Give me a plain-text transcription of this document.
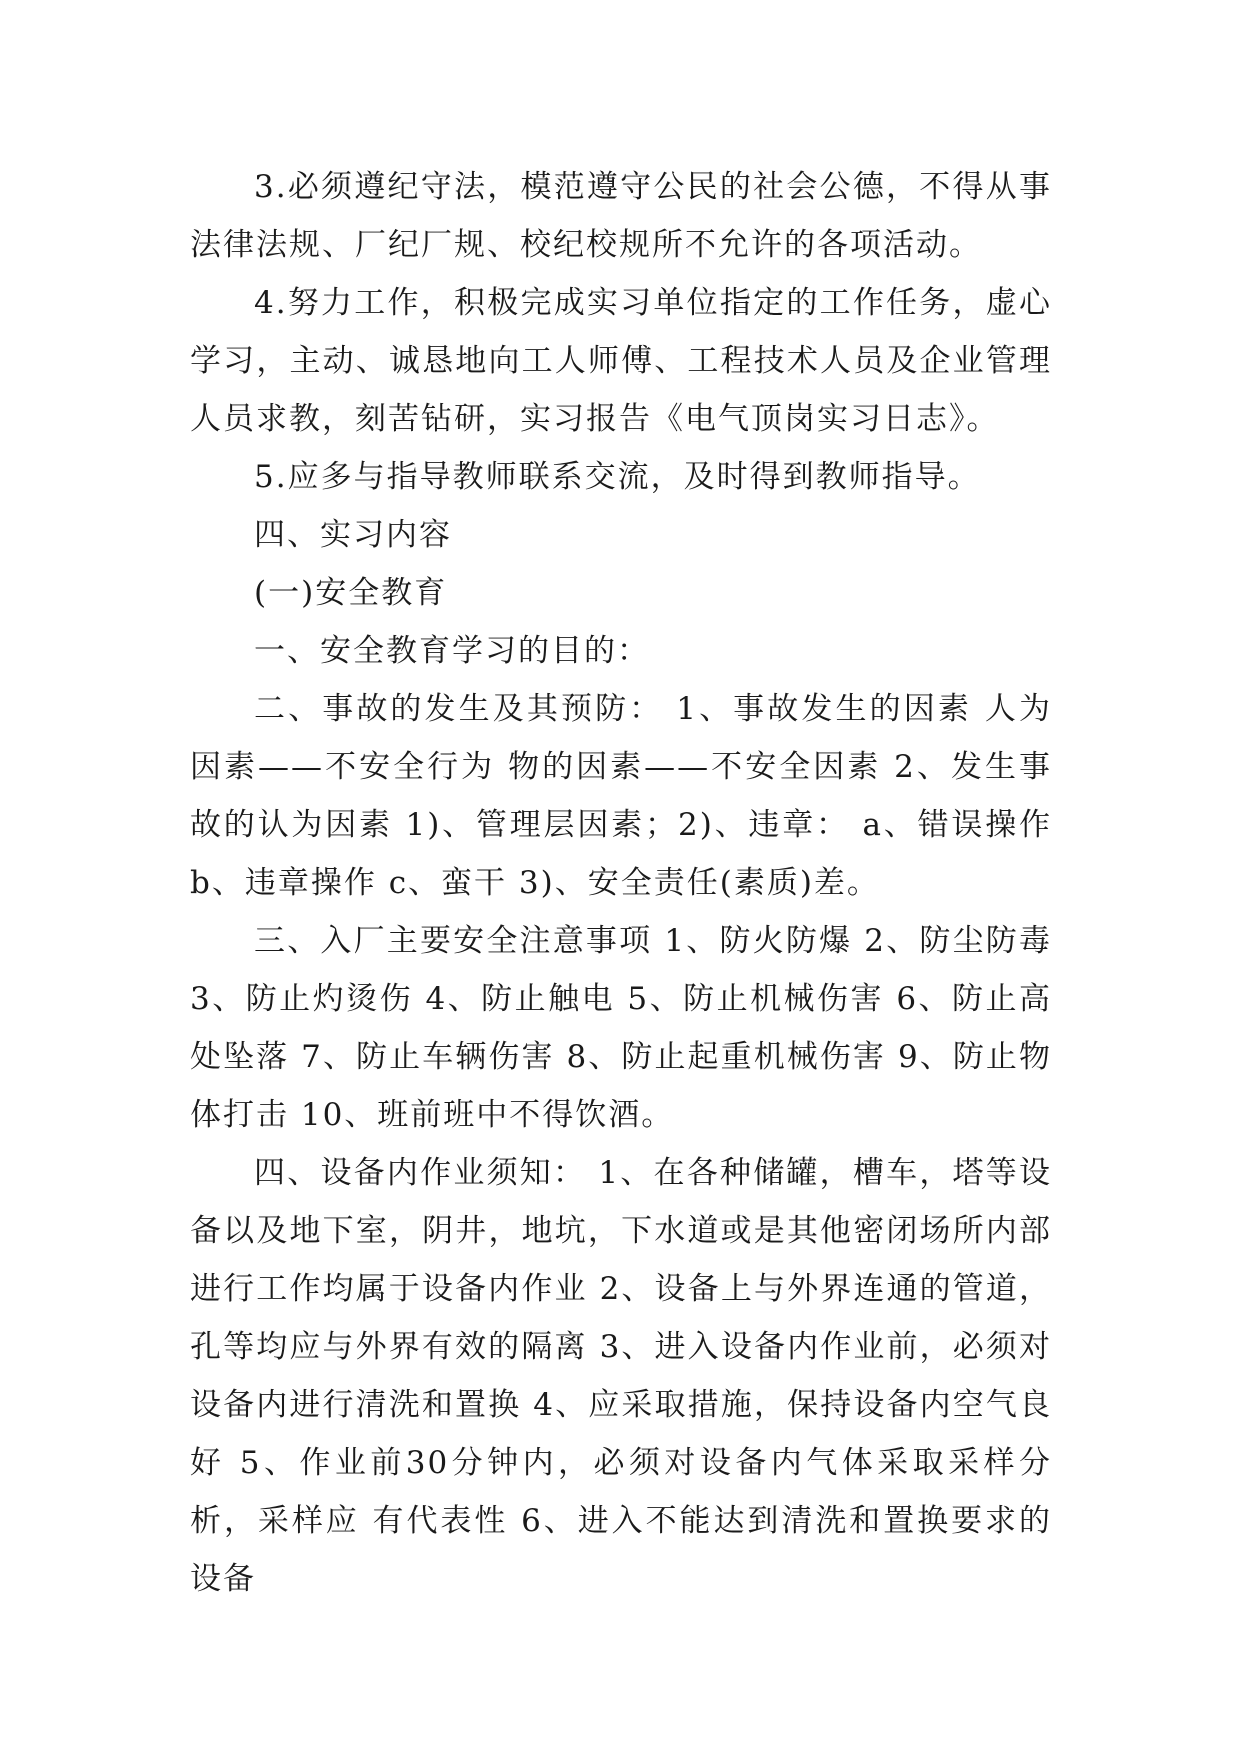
3.必须遵纪守法，模范遵守公民的社会公德，不得从事法律法规、厂纪厂规、校纪校规所不允许的各项活动。

4.努力工作，积极完成实习单位指定的工作任务，虚心学习，主动、诚恳地向工人师傅、工程技术人员及企业管理人员求教，刻苦钻研，实习报告《电气顶岗实习日志》。

5.应多与指导教师联系交流，及时得到教师指导。

四、实习内容

(一)安全教育

一、安全教育学习的目的：

二、事故的发生及其预防： 1、事故发生的因素 人为因素——不安全行为 物的因素——不安全因素 2、发生事故的认为因素 1)、管理层因素；2)、违章： a、错误操作 b、违章操作 c、蛮干 3)、安全责任(素质)差。

三、入厂主要安全注意事项 1、防火防爆 2、防尘防毒 3、防止灼烫伤 4、防止触电 5、防止机械伤害 6、防止高处坠落 7、防止车辆伤害 8、防止起重机械伤害 9、防止物体打击 10、班前班中不得饮酒。

四、设备内作业须知： 1、在各种储罐，槽车，塔等设备以及地下室，阴井，地坑，下水道或是其他密闭场所内部进行工作均属于设备内作业 2、设备上与外界连通的管道，孔等均应与外界有效的隔离 3、进入设备内作业前，必须对设备内进行清洗和置换 4、应采取措施，保持设备内空气良好 5、作业前30分钟内，必须对设备内气体采取采样分析，采样应 有代表性 6、进入不能达到清洗和置换要求的设备
